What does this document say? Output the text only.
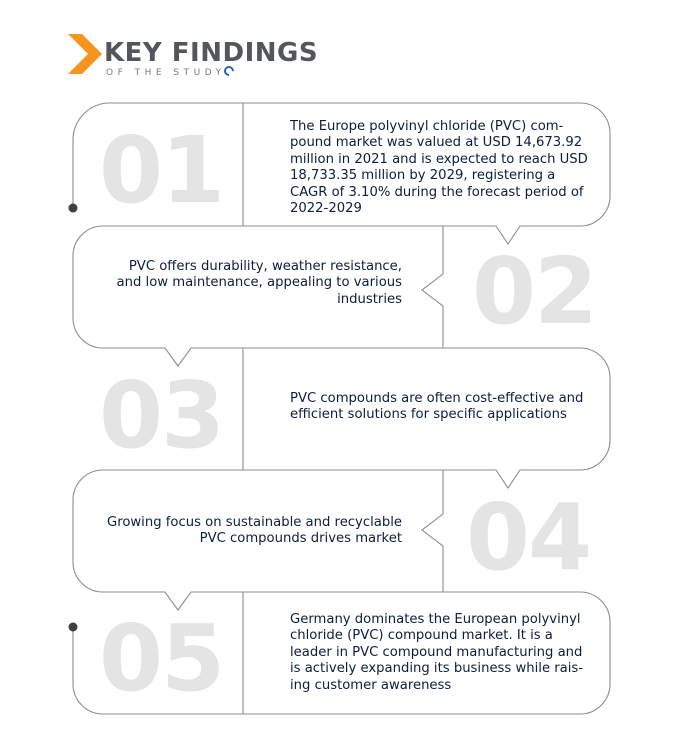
KEY FINDINGS
OF THE STUDY
01
02
03
04
05
The Europe polyvinyl chloride (PVC) com-pound market was valued at USD 14,673.92 million in 2021 and is expected to reach USD 18,733.35 million by 2029, registering a CAGR of 3.10% during the forecast period of 2022-2029
PVC offers durability, weather resistance, and low maintenance, appealing to various industries
PVC compounds are often cost-effective and efficient solutions for specific applications
Growing focus on sustainable and recyclable PVC compounds drives market
Germany dominates the European polyvinyl chloride (PVC) compound market. It is a leader in PVC compound manufacturing and is actively expanding its business while rais-ing customer awareness
